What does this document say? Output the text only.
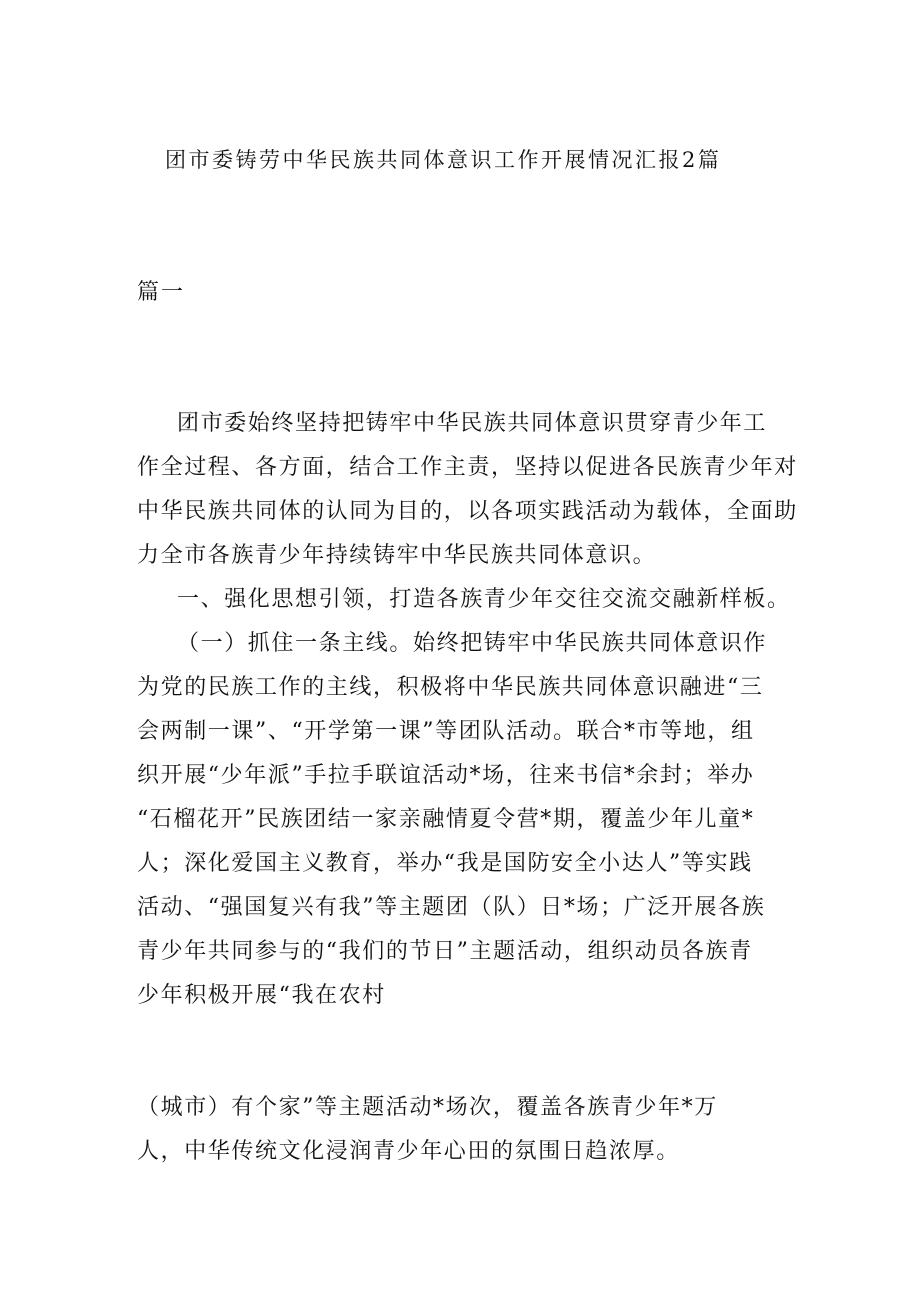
团市委铸劳中华民族共同体意识工作开展情况汇报2篇
篇一
团市委始终坚持把铸牢中华民族共同体意识贯穿青少年工
作全过程、各方面，结合工作主责，坚持以促进各民族青少年对
中华民族共同体的认同为目的，以各项实践活动为载体，全面助
力全市各族青少年持续铸牢中华民族共同体意识。
一、强化思想引领，打造各族青少年交往交流交融新样板。
（一）抓住一条主线。始终把铸牢中华民族共同体意识作
为党的民族工作的主线，积极将中华民族共同体意识融进“三
会两制一课”、“开学第一课”等团队活动。联合*市等地，组
织开展“少年派”手拉手联谊活动*场，往来书信*余封；举办
“石榴花开”民族团结一家亲融情夏令营*期，覆盖少年儿童*
人；深化爱国主义教育，举办“我是国防安全小达人”等实践
活动、“强国复兴有我”等主题团（队）日*场；广泛开展各族
青少年共同参与的“我们的节日”主题活动，组织动员各族青
少年积极开展“我在农村
（城市）有个家”等主题活动*场次，覆盖各族青少年*万
人，中华传统文化浸润青少年心田的氛围日趋浓厚。
